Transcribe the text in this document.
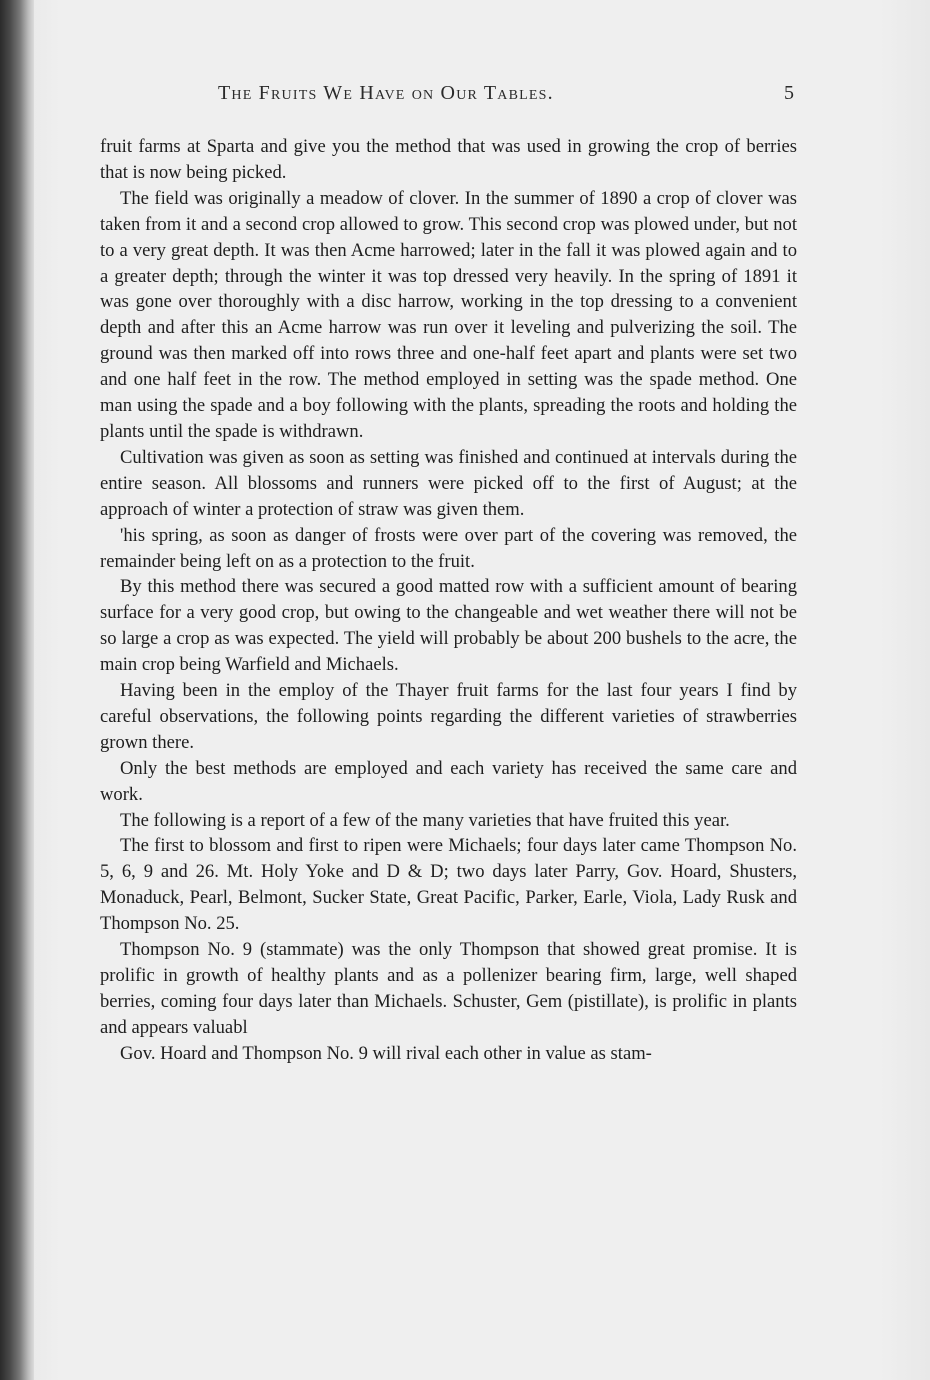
The Fruits We Have on Our Tables.	5

fruit farms at Sparta and give you the method that was used in growing the crop of berries that is now being picked.

The field was originally a meadow of clover. In the summer of 1890 a crop of clover was taken from it and a second crop allowed to grow. This second crop was plowed under, but not to a very great depth. It was then Acme harrowed; later in the fall it was plowed again and to a greater depth; through the winter it was top dressed very heavily. In the spring of 1891 it was gone over thoroughly with a disc harrow, working in the top dressing to a convenient depth and after this an Acme harrow was run over it leveling and pulverizing the soil. The ground was then marked off into rows three and one-half feet apart and plants were set two and one half feet in the row. The method employed in setting was the spade method. One man using the spade and a boy following with the plants, spreading the roots and holding the plants until the spade is withdrawn.

Cultivation was given as soon as setting was finished and continued at intervals during the entire season. All blossoms and runners were picked off to the first of August; at the approach of winter a protection of straw was given them.

'his spring, as soon as danger of frosts were over part of the covering was removed, the remainder being left on as a protection to the fruit.

By this method there was secured a good matted row with a sufficient amount of bearing surface for a very good crop, but owing to the changeable and wet weather there will not be so large a crop as was expected. The yield will probably be about 200 bushels to the acre, the main crop being Warfield and Michaels.

Having been in the employ of the Thayer fruit farms for the last four years I find by careful observations, the following points regarding the different varieties of strawberries grown there.

Only the best methods are employed and each variety has received the same care and work.

The following is a report of a few of the many varieties that have fruited this year.

The first to blossom and first to ripen were Michaels; four days later came Thompson No. 5, 6, 9 and 26. Mt. Holy Yoke and D & D; two days later Parry, Gov. Hoard, Shusters, Monaduck, Pearl, Belmont, Sucker State, Great Pacific, Parker, Earle, Viola, Lady Rusk and Thompson No. 25.

Thompson No. 9 (stammate) was the only Thompson that showed great promise. It is prolific in growth of healthy plants and as a pollenizer bearing firm, large, well shaped berries, coming four days later than Michaels. Schuster, Gem (pistillate), is prolific in plants and appears valuabl

Gov. Hoard and Thompson No. 9 will rival each other in value as stam-
